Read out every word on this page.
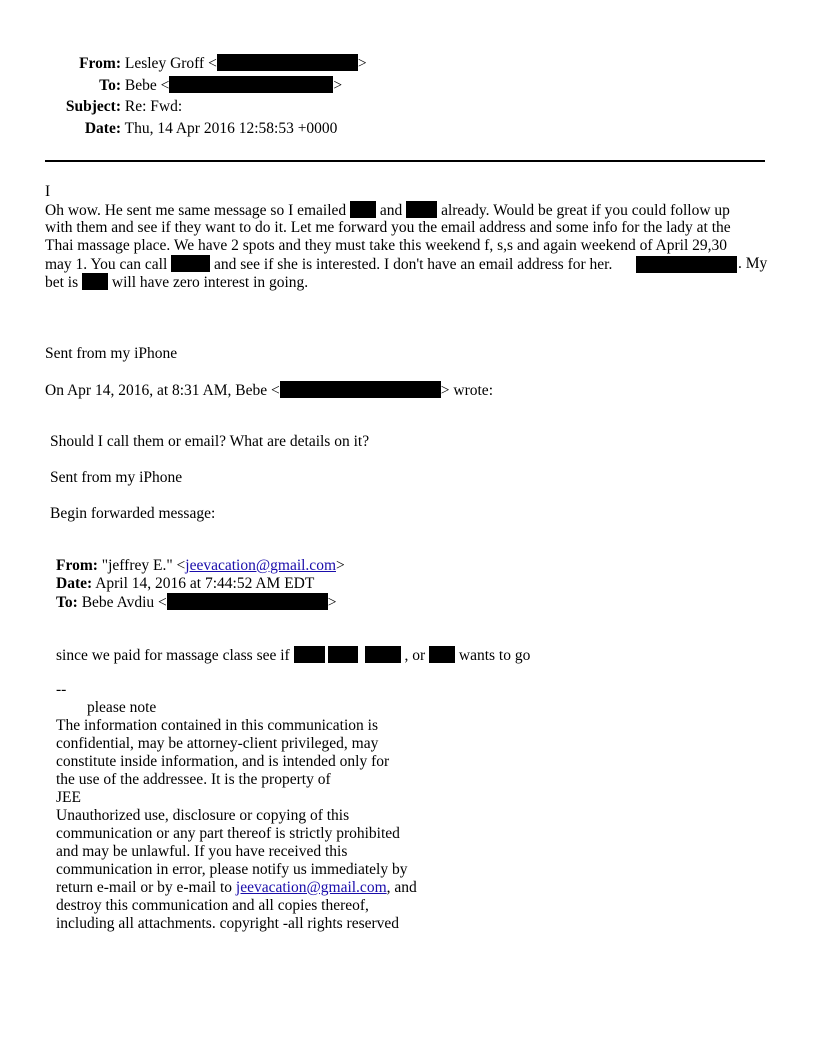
From: Lesley Groff <	>
To: Bebe <	>
Subject: Re: Fwd:
Date: Thu, 14 Apr 2016 12:58:53 +0000
I
Oh wow. He sent me same message so I emailed  and  already. Would be great if you could follow up
with them and see if they want to do it. Let me forward you the email address and some info for the lady at the
Thai massage place. We have 2 spots and they must take this weekend f, s,s and again weekend of April 29,30
may 1. You can call	and see if she is interested. I don't have an email address for her.	. My
bet is  will have zero interest in going.
Sent from my iPhone
On Apr 14, 2016, at 8:31 AM, Bebe <	> wrote:
Should I call them or email? What are details on it?
Sent from my iPhone
Begin forwarded message:
From: "jeffrey E." <jeevacation@gmail.com>
Date: April 14, 2016 at 7:44:52 AM EDT
To: Bebe Avdiu <	>
since we paid for massage class see if	, or  wants to go
--
please note
The information contained in this communication is
confidential, may be attorney-client privileged, may
constitute inside information, and is intended only for
the use of the addressee. It is the property of
JEE
Unauthorized use, disclosure or copying of this
communication or any part thereof is strictly prohibited
and may be unlawful. If you have received this
communication in error, please notify us immediately by
return e-mail or by e-mail to jeevacation@gmail.com, and
destroy this communication and all copies thereof,
including all attachments. copyright -all rights reserved
